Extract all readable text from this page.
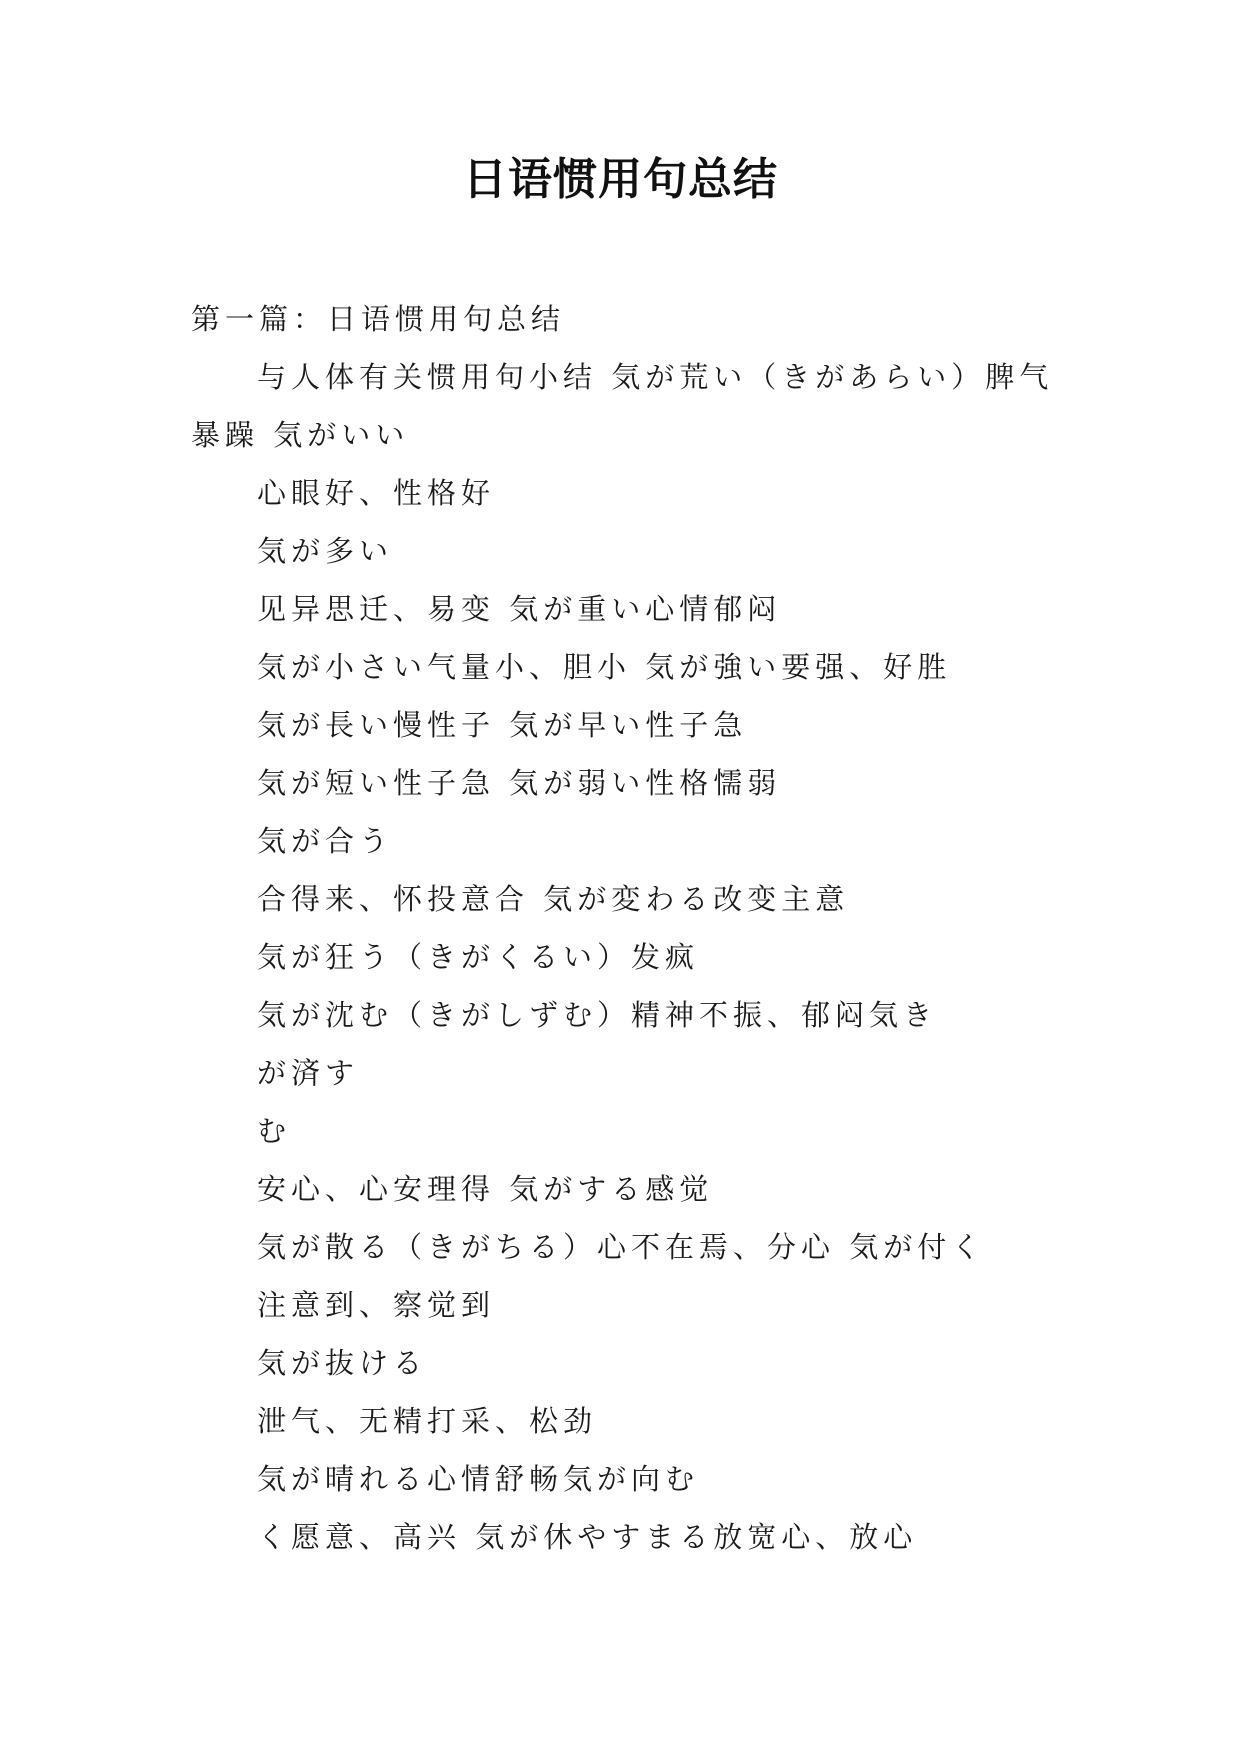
日语惯用句总结
第一篇：日语惯用句总结
与人体有关惯用句小结 気が荒い（きがあらい）脾气
暴躁 気がいい
心眼好、性格好
気が多い
见异思迁、易变 気が重い心情郁闷
気が小さい气量小、胆小 気が強い要强、好胜
気が長い慢性子 気が早い性子急
気が短い性子急 気が弱い性格懦弱
気が合う
合得来、怀投意合 気が変わる改变主意
気が狂う（きがくるい）发疯
気が沈む（きがしずむ）精神不振、郁闷気き
が済す
む
安心、心安理得 気がする感觉
気が散る（きがちる）心不在焉、分心 気が付く
注意到、察觉到
気が抜ける
泄气、无精打采、松劲
気が晴れる心情舒畅気が向む
く愿意、高兴 気が休やすまる放宽心、放心
